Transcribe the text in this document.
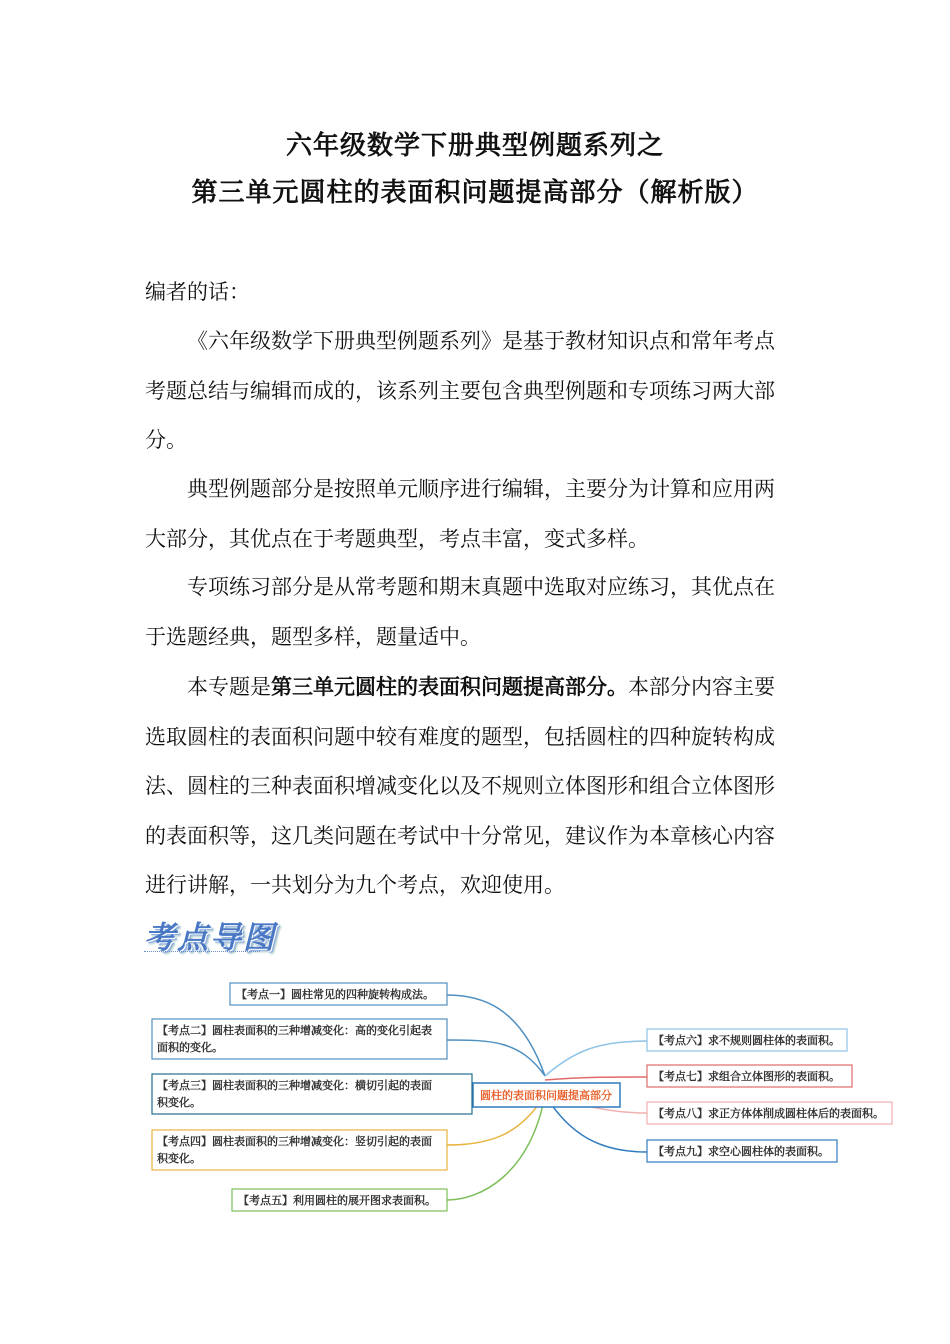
六年级数学下册典型例题系列之
第三单元圆柱的表面积问题提高部分（解析版）

编者的话：

《六年级数学下册典型例题系列》是基于教材知识点和常年考点考题总结与编辑而成的，该系列主要包含典型例题和专项练习两大部分。

典型例题部分是按照单元顺序进行编辑，主要分为计算和应用两大部分，其优点在于考题典型，考点丰富，变式多样。

专项练习部分是从常考题和期末真题中选取对应练习，其优点在于选题经典，题型多样，题量适中。

本专题是第三单元圆柱的表面积问题提高部分。本部分内容主要选取圆柱的表面积问题中较有难度的题型，包括圆柱的四种旋转构成法、圆柱的三种表面积增减变化以及不规则立体图形和组合立体图形的表面积等，这几类问题在考试中十分常见，建议作为本章核心内容进行讲解，一共划分为九个考点，欢迎使用。

考点导图
圆柱的表面积问题提高部分
【考点一】圆柱常见的四种旋转构成法。
【考点二】圆柱表面积的三种增减变化：高的变化引起表
面积的变化。
【考点三】圆柱表面积的三种增减变化：横切引起的表面
积变化。
【考点四】圆柱表面积的三种增减变化：竖切引起的表面
积变化。
【考点五】利用圆柱的展开图求表面积。
【考点六】求不规则圆柱体的表面积。
【考点七】求组合立体图形的表面积。
【考点八】求正方体体削成圆柱体后的表面积。
【考点九】求空心圆柱体的表面积。
